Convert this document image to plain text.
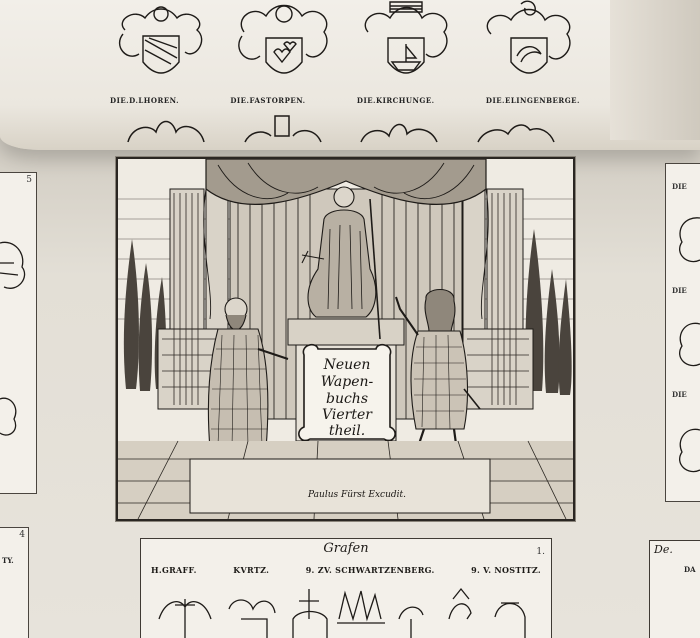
DIE.D.LHOREN.	DIE.FASTORPEN.	DIE.KIRCHUNGE.	DIE.ELINGENBERGE.
5
DIE
DIE
DIE
Neuen
Wapen-
buchs
Vierter
theil.
Paulus Fürst Excudit.
4
TY.
Grafen	1.
H.GRAFF.	KVRTZ.	9. ZV. SCHWARTZENBERG.	9. V. NOSTITZ.
De.
DA
